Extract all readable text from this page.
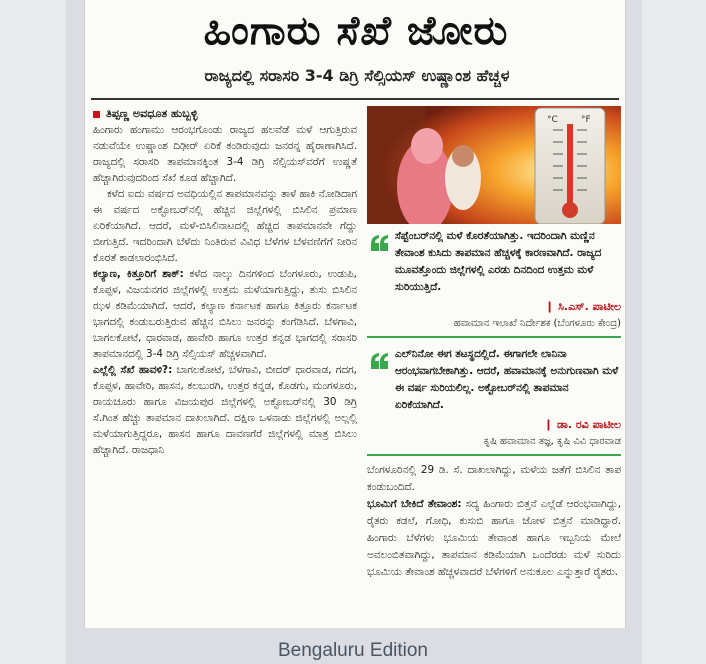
ಹಿಂಗಾರು ಸೆಖೆ ಜೋರು
ರಾಜ್ಯದಲ್ಲಿ ಸರಾಸರಿ 3-4 ಡಿಗ್ರಿ ಸೆಲ್ಸಿಯಸ್ ಉಷ್ಣಾಂಶ ಹೆಚ್ಚಳ

ತಿಪ್ಪಣ್ಣ ಅವಧೂತ ಹುಬ್ಬಳ್ಳಿ

ಹಿಂಗಾರು ಹಂಗಾಮು ಆರಂಭಗೊಂಡು ರಾಜ್ಯದ ಹಲವೆಡೆ ಮಳೆ ಆಗುತ್ತಿರುವ ನಡುವೆಯೇ ಉಷ್ಣಾಂಶ ದಿಢೀರ್ ಏರಿಕೆ ಕಂಡಿರುವುದು ಜನರನ್ನ ಹೈರಾಣಾಗಿಸಿದೆ. ರಾಜ್ಯದಲ್ಲಿ ಸರಾಸರಿ ತಾಪಮಾನಕ್ಕಿಂತ 3-4 ಡಿಗ್ರಿ ಸೆಲ್ಸಿಯಸ್‌ವರೆಗೆ ಉಷ್ಣತೆ ಹೆಚ್ಚಾಗಿರುವುದರಿಂದ ಸೆಖೆ ಕೂಡ ಹೆಚ್ಚಾಗಿದೆ.

ಕಳೆದ ಐದು ವರ್ಷದ ಅವಧಿಯಲ್ಲಿನ ತಾಪಮಾನವನ್ನು ತಾಳೆ ಹಾಕಿ ನೋಡಿದಾಗ ಈ ವರ್ಷದ ಅಕ್ಟೋಬರ್‌ನಲ್ಲಿ ಹೆಚ್ಚಿನ ಜಿಲ್ಲೆಗಳಲ್ಲಿ ಬಿಸಿಲಿನ ಪ್ರಮಾಣ ಏರಿಕೆಯಾಗಿದೆ. ಆದರೆ, ಮಳೆ-ಬಿಸಿಲಿನಾಟದಲ್ಲಿ ಹೆಚ್ಚಿದ ತಾಪಮಾನವೇ ಗೆದ್ದು ಬೀಗುತ್ತಿದೆ. ಇದರಿಂದಾಗಿ ಬೆಳೆದು ನಿಂತಿರುವ ವಿವಿಧ ಬೆಳೆಗಳ ಬೆಳವಣಿಗೆಗೆ ನೀರಿನ ಕೊರತೆ ಕಾಡಲಾರಂಭಿಸಿದೆ.

ಕಲ್ಯಾಣ, ಕಿತ್ತೂರಿಗೆ ಶಾಕ್: ಕಳೆದ ನಾಲ್ಕು ದಿನಗಳಿಂದ ಬೆಂಗಳೂರು, ಉಡುಪಿ, ಕೊಪ್ಪಳ, ವಿಜಯನಗರ ಜಿಲ್ಲೆಗಳಲ್ಲಿ ಉತ್ತಮ ಮಳೆಯಾಗುತ್ತಿದ್ದು, ತುಸು ಬಿಸಿಲಿನ ಝಳ ಕಡಿಮೆಯಾಗಿದೆ. ಆದರೆ, ಕಲ್ಯಾಣ ಕರ್ನಾಟಕ ಹಾಗೂ ಕಿತ್ತೂರು ಕರ್ನಾಟಕ ಭಾಗದಲ್ಲಿ ಕಂಡುಬರುತ್ತಿರುವ ಹೆಚ್ಚಿನ ಬಿಸಿಲು ಜನರನ್ನು ಕಂಗೆಡಿಸಿದೆ. ಬೆಳಗಾವಿ, ಬಾಗಲಕೋಟೆ, ಧಾರವಾಡ, ಹಾವೇರಿ ಹಾಗೂ ಉತ್ತರ ಕನ್ನಡ ಭಾಗದಲ್ಲಿ ಸರಾಸರಿ ತಾಪಮಾನದಲ್ಲಿ 3-4 ಡಿಗ್ರಿ ಸೆಲ್ಸಿಯಸ್ ಹೆಚ್ಚಳವಾಗಿದೆ.

ಎಲ್ಲೆಲ್ಲಿ ಸೆಖೆ ಹಾವಳಿ?: ಬಾಗಲಕೋಟೆ, ಬೆಳಗಾವಿ, ಬೀದರ್ ಧಾರವಾಡ, ಗದಗ, ಕೊಪ್ಪಳ, ಹಾವೇರಿ, ಹಾಸನ, ಕಲಬುರಗಿ, ಉತ್ತರ ಕನ್ನಡ, ಕೊಡಗು, ಮಂಗಳೂರು, ರಾಯಚೂರು ಹಾಗೂ ವಿಜಯಪುರ ಜಿಲ್ಲೆಗಳಲ್ಲಿ ಅಕ್ಟೋಬರ್‌ನಲ್ಲಿ 30 ಡಿಗ್ರಿ ಸೆ.ಗಿಂತ ಹೆಚ್ಚು ತಾಪಮಾನ ದಾಖಲಾಗಿದೆ. ದಕ್ಷಿಣ ಒಳನಾಡು ಜಿಲ್ಲೆಗಳಲ್ಲಿ ಅಲ್ಲಲ್ಲಿ ಮಳೆಯಾಗುತ್ತಿದ್ದರೂ, ಹಾಸನ ಹಾಗೂ ದಾವಣಗೆರೆ ಜಿಲ್ಲೆಗಳಲ್ಲಿ ಮಾತ್ರ ಬಿಸಿಲು ಹೆಚ್ಚಾಗಿದೆ. ರಾಜಧಾನಿ

°C	°F
ಸೆಪ್ಟೆಂಬರ್‌ನಲ್ಲಿ ಮಳೆ ಕೊರತೆಯಾಗಿತ್ತು. ಇದರಿಂದಾಗಿ ಮಣ್ಣಿನ ತೇವಾಂಶ ಕುಸಿದು ತಾಪಮಾನ ಹೆಚ್ಚಳಕ್ಕೆ ಕಾರಣವಾಗಿದೆ. ರಾಜ್ಯದ ಮೂವತ್ತೊಂದು ಜಿಲ್ಲೆಗಳಲ್ಲಿ ಎರಡು ದಿನದಿಂದ ಉತ್ತಮ ಮಳೆ ಸುರಿಯುತ್ತಿದೆ.
❙ ಸಿ.ಎಸ್. ಪಾಟೀಲ
ಹವಾಮಾನ ಇಲಾಖೆ ನಿರ್ದೇಶಕ (ಬೆಂಗಳೂರು ಕೇಂದ್ರ)
ಎಲ್‌ನಿನೋ ಈಗ ತಟಸ್ಥದಲ್ಲಿದೆ. ಈಗಾಗಲೇ ಲಾನಿನಾ ಆರಂಭವಾಗಬೇಕಾಗಿತ್ತು. ಆದರೆ, ಹವಾಮಾನಕ್ಕೆ ಅನುಗುಣವಾಗಿ ಮಳೆ ಈ ವರ್ಷ ಸುರಿಯಲಿಲ್ಲ. ಅಕ್ಟೋಬರ್‌ನಲ್ಲಿ ತಾಪಮಾನ ಏರಿಕೆಯಾಗಿದೆ.
❙ ಡಾ. ರವಿ ಪಾಟೀಲ
ಕೃಷಿ ಹವಾಮಾನ ತಜ್ಞ, ಕೃಷಿ ವಿವಿ ಧಾರವಾಡ

ಬೆಂಗಳೂರಿನಲ್ಲಿ 29 ಡಿ. ಸೆ. ದಾಖಲಾಗಿದ್ದು, ಮಳೆಯ ಜತೆಗೆ ಬಿಸಿಲಿನ ತಾಪ ಕಂಡುಬಂದಿದೆ.

ಭೂಮಿಗೆ ಬೇಕಿದೆ ತೇವಾಂಶ: ಸದ್ಯ ಹಿಂಗಾರು ಬಿತ್ತನೆ ಎಲ್ಲೆಡೆ ಆರಂಭವಾಗಿದ್ದು, ರೈತರು ಕಡಲೆ, ಗೋಧಿ, ಕುಸುಬಿ ಹಾಗೂ ಜೋಳ ಬಿತ್ತನೆ ಮಾಡಿದ್ದಾರೆ. ಹಿಂಗಾರು ಬೆಳೆಗಳು ಭೂಮಿಯ ತೇವಾಂಶ ಹಾಗೂ ಇಬ್ಬನಿಯ ಮೇಲೆ ಅವಲಂಬಿತವಾಗಿದ್ದು, ತಾಪಮಾನ ಕಡಿಮೆಯಾಗಿ ಒಂದೆರಡು ಮಳೆ ಸುರಿದು ಭೂಮಿಯ ತೇವಾಂಶ ಹೆಚ್ಚಳವಾದರೆ ಬೆಳೆಗಳಿಗೆ ಅನುಕೂಲ ಎನ್ನುತ್ತಾರೆ ರೈತರು.

Bengaluru Edition
